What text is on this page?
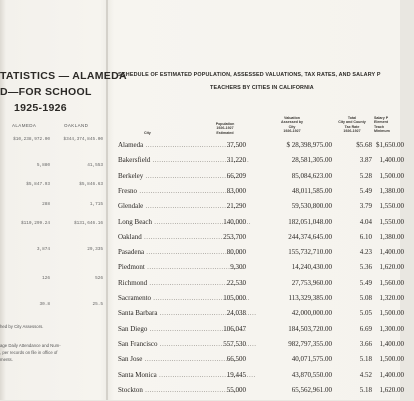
TATISTICS — ALAMEDA
D—FOR SCHOOL
1925-1926
ALAMEDA	OAKLAND
$10,238,972.00	$344,374,845.00
5,880	41,553
$5,847.93	$5,846.63
288	1,715
$110,299.24	$131,646.16
3,874	29,335
126	526
30.8	25.5
hed by City Assessors.
age Daily Attendance and Num-
, per records on file in office of
ments.
SCHEDULE OF ESTIMATED POPULATION, ASSESSED VALUATIONS, TAX RATES, AND SALARY P
TEACHERS BY CITIES IN CALIFORNIA
City
Population
1926-1927
Estimated
Valuation
Assessed by
City
1926-1927
Total
City and County
Tax Rate
1926-1927
Salary P
Element
Teach
Minimum
Alameda .....	37,500	$ 28,398,975.00	$5.68 $1,650.00
Bakersfield .....	31,220	28,581,305.00	3.87	1,400.00
Berkeley .....	66,209	85,084,623.00	5.28	1,500.00
Fresno .....	83,000	48,011,585.00	5.49	1,380.00
Glendale .....	21,290	59,530,800.00	3.79	1,550.00
Long Beach .....	140,000	182,051,048.00	4.04	1,550.00
Oakland .....	253,700	244,374,645.00	6.10	1,380.00
Pasadena .....	80,000	155,732,710.00	4.23	1,400.00
Piedmont .....	9,300	14,240,430.00	5.36	1,620.00
Richmond .....	22,530	27,753,960.00	5.49	1,560.00
Sacramento .....	105,000	113,329,385.00	5.08	1,320.00
Santa Barbara .....	24,038	42,000,000.00	5.05	1,500.00
San Diego .....	106,047	184,503,720.00	6.69	1,300.00
San Francisco .....	557,530	982,797,355.00	3.66	1,400.00
San Jose .....	66,500	40,071,575.00	5.18	1,500.00
Santa Monica .....	19,445	43,870,550.00	4.52	1,400.00
Stockton .....	55,000	65,562,961.00	5.18	1,620.00
